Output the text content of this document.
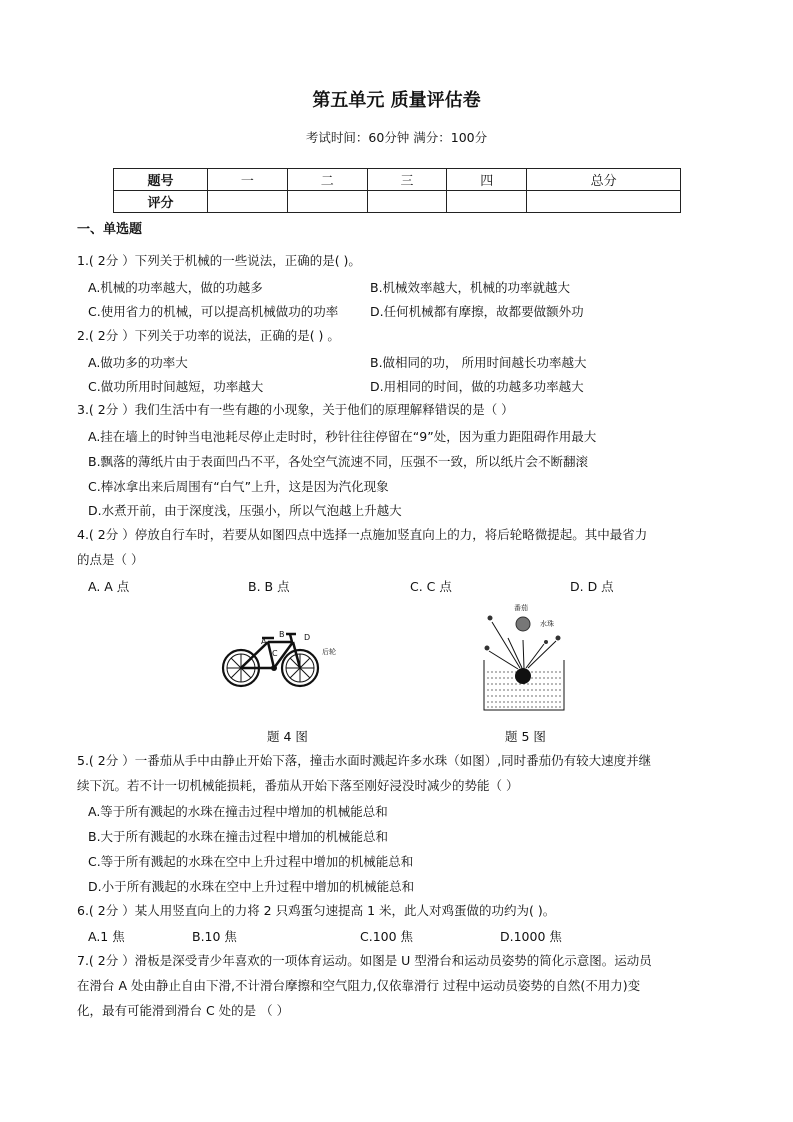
第五单元 质量评估卷
考试时间：60分钟 满分：100分
题号	一	二	三	四	总分
评分					
一、单选题
1.( 2分 ）下列关于机械的一些说法，正确的是( )。
A.机械的功率越大，做的功越多	B.机械效率越大，机械的功率就越大
C.使用省力的机械，可以提高机械做功的功率	D.任何机械都有摩擦，故都要做额外功
2.( 2分 ）下列关于功率的说法，正确的是( ) 。
A.做功多的功率大	B.做相同的功， 所用时间越长功率越大
C.做功所用时间越短，功率越大	D.用相同的时间，做的功越多功率越大
3.( 2分 ）我们生活中有一些有趣的小现象，关于他们的原理解释错误的是（ ）
A.挂在墙上的时钟当电池耗尽停止走时时，秒针往往停留在“9”处，因为重力距阻碍作用最大
B.飘落的薄纸片由于表面凹凸不平，各处空气流速不同，压强不一致，所以纸片会不断翻滚
C.棒冰拿出来后周围有“白气”上升，这是因为汽化现象
D.水煮开前，由于深度浅，压强小，所以气泡越上升越大
4.( 2分 ）停放自行车时，若要从如图四点中选择一点施加竖直向上的力，将后轮略微提起。其中最省力
的点是（ ）
A. A 点	B. B 点	C. C 点	D. D 点
A
B
C
D
后轮
番茄
水珠
题 4 图	题 5 图
5.( 2分 ）一番茄从手中由静止开始下落，撞击水面时溅起许多水珠（如图）,同时番茄仍有较大速度并继
续下沉。若不计一切机械能损耗，番茄从开始下落至刚好浸没时减少的势能（ ）
A.等于所有溅起的水珠在撞击过程中增加的机械能总和
B.大于所有溅起的水珠在撞击过程中增加的机械能总和
C.等于所有溅起的水珠在空中上升过程中增加的机械能总和
D.小于所有溅起的水珠在空中上升过程中增加的机械能总和
6.( 2分 ）某人用竖直向上的力将 2 只鸡蛋匀速提高 1 米，此人对鸡蛋做的功约为( )。
A.1 焦	B.10 焦	C.100 焦	D.1000 焦
7.( 2分 ）滑板是深受青少年喜欢的一项体育运动。如图是 U 型滑台和运动员姿势的简化示意图。运动员
在滑台 A 处由静止自由下滑,不计滑台摩擦和空气阻力,仅依靠滑行 过程中运动员姿势的自然(不用力)变
化，最有可能滑到滑台 C 处的是 （ ）
